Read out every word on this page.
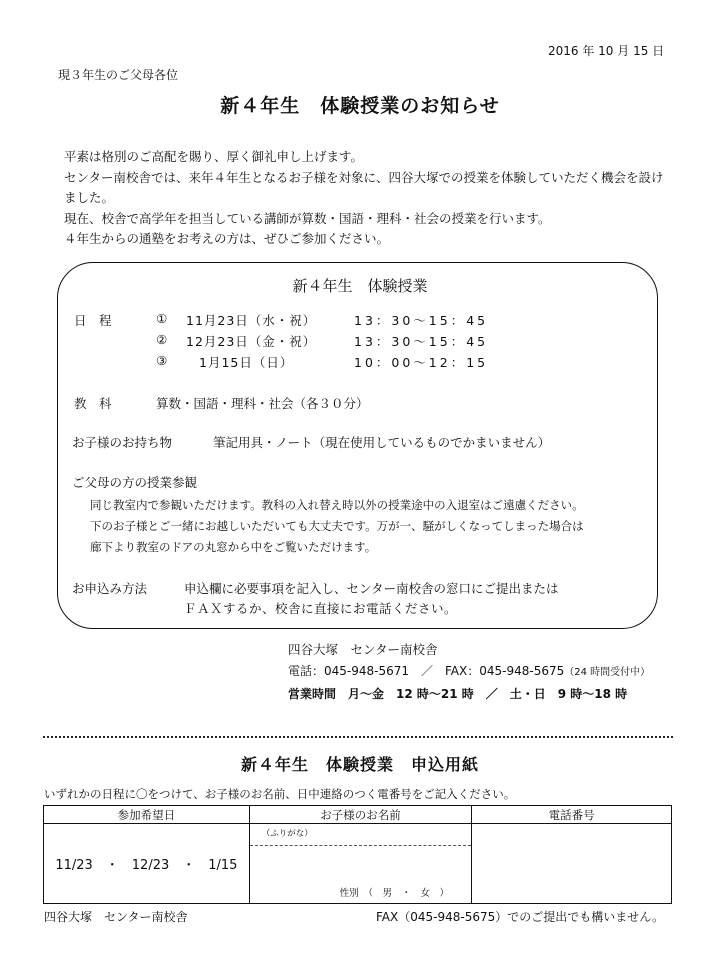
2016 年 10 月 15 日
現３年生のご父母各位
新４年生　体験授業のお知らせ

平素は格別のご高配を賜り、厚く御礼申し上げます。

センター南校舎では、来年４年生となるお子様を対象に、四谷大塚での授業を体験していただく機会を設けました。

現在、校舎で高学年を担当している講師が算数・国語・理科・社会の授業を行います。

４年生からの通塾をお考えの方は、ぜひご参加ください。

新４年生　体験授業
日　程	① 11月23日（水・祝）	13：30～15：45
② 12月23日（金・祝）	13：30～15：45
③	1月15日（日）	10：00～12：15
教　科	算数・国語・理科・社会（各３０分）
お子様のお持ち物	筆記用具・ノート（現在使用しているものでかまいません）
ご父母の方の授業参観
同じ教室内で参観いただけます。教科の入れ替え時以外の授業途中の入退室はご遠慮ください。
下のお子様とご一緒にお越しいただいても大丈夫です。万が一、騒がしくなってしまった場合は
廊下より教室のドアの丸窓から中をご覧いただけます。
お申込み方法	申込欄に必要事項を記入し、センター南校舎の窓口にご提出または
ＦＡＸするか、校舎に直接にお電話ください。
四谷大塚　センター南校舎
電話：045-948-5671　／　FAX：045-948-5675（24 時間受付中）
営業時間　月～金　12 時～21 時　／　土・日　9 時～18 時
新４年生　体験授業　申込用紙
いずれかの日程に〇をつけて、お子様のお名前、日中連絡のつく電番号をご記入ください。
参加希望日	お子様のお名前	電話番号
11/23　・　12/23　・　1/15	（ふりがな）
性別　（　男　・　女　）	

四谷大塚　センター南校舎	FAX（045-948-5675）でのご提出でも構いません。
